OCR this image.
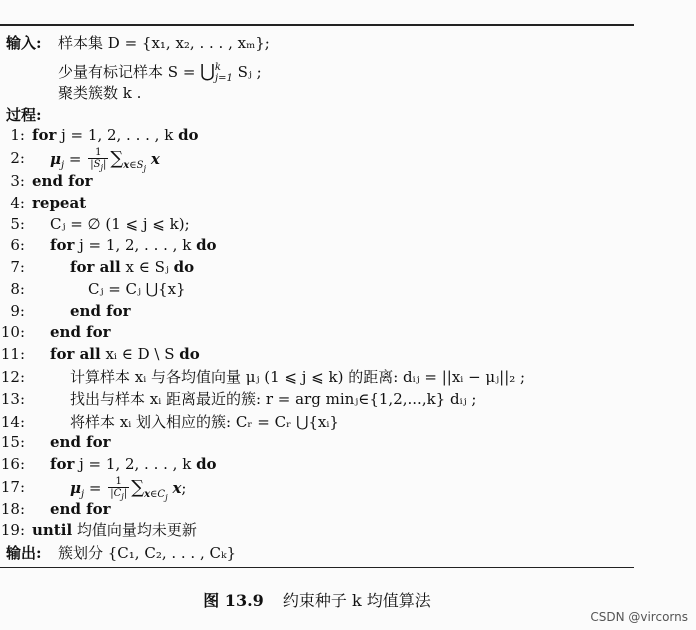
输入: 样本集 D = {x₁, x₂, . . . , xₘ};
少量有标记样本 S = ⋃$^k_{j=1}$ Sⱼ ;
聚类簇数 k .
过程:
1: for j = 1, 2, . . . , k do
2: $\mu_j = \frac{1}{|S_j|} \sum_{x\in S_j}$ x
3: end for
4: repeat
5: Cⱼ = ∅ (1 ⩽ j ⩽ k);
6: for j = 1, 2, . . . , k do
7:	for all x ∈ Sⱼ do
8:	Cⱼ = Cⱼ ⋃{x}
9:	end for
10: end for
11: for all xᵢ ∈ D \ S do
12:	计算样本 xᵢ 与各均值向量 μⱼ (1 ⩽ j ⩽ k) 的距离: dᵢⱼ = ||xᵢ − μⱼ||₂ ;
13:	找出与样本 xᵢ 距离最近的簇: r = arg minⱼ∈{1,2,...,k} dᵢⱼ ;
14:	将样本 xᵢ 划入相应的簇: Cᵣ = Cᵣ ⋃{xᵢ}
15: end for
16: for j = 1, 2, . . . , k do
17:	$\mu_j = \frac{1}{|C_j|} \sum_{x\in C_j}$ x;
18: end for
19: until 均值向量均未更新
输出: 簇划分 {C₁, C₂, . . . , Cₖ}
图 13.9 约束种子 k 均值算法
CSDN @vircorns
